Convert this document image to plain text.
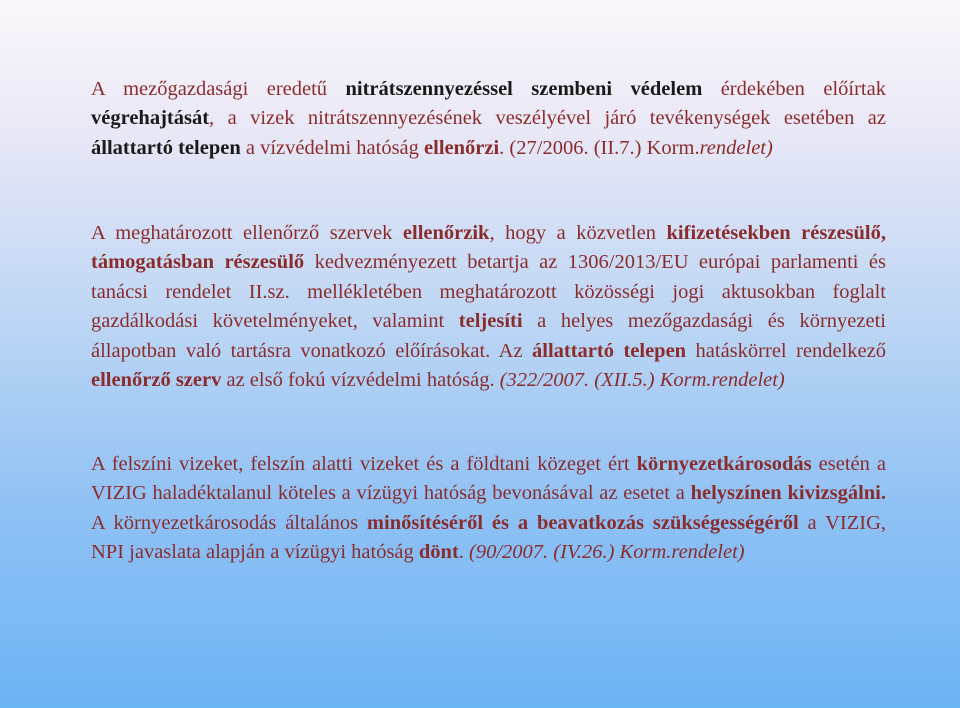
A mezőgazdasági eredetű nitrátszennyezéssel szembeni védelem érdekében előírtak végrehajtását, a vizek nitrátszennyezésének veszélyével járó tevékenységek esetében az állattartó telepen a vízvédelmi hatóság ellenőrzi. (27/2006. (II.7.) Korm.rendelet)

A meghatározott ellenőrző szervek ellenőrzik, hogy a közvetlen kifizetésekben részesülő, támogatásban részesülő kedvezményezett betartja az 1306/2013/EU európai parlamenti és tanácsi rendelet II.sz. mellékletében meghatározott közösségi jogi aktusokban foglalt gazdálkodási követelményeket, valamint teljesíti a helyes mezőgazdasági és környezeti állapotban való tartásra vonatkozó előírásokat. Az állattartó telepen hatáskörrel rendelkező ellenőrző szerv az első fokú vízvédelmi hatóság. (322/2007. (XII.5.) Korm.rendelet)

A felszíni vizeket, felszín alatti vizeket és a földtani közeget ért környezetkárosodás esetén a VIZIG haladéktalanul köteles a vízügyi hatóság bevonásával az esetet a helyszínen kivizsgálni. A környezetkárosodás általános minősítéséről és a beavatkozás szükségességéről a VIZIG, NPI javaslata alapján a vízügyi hatóság dönt. (90/2007. (IV.26.) Korm.rendelet)
